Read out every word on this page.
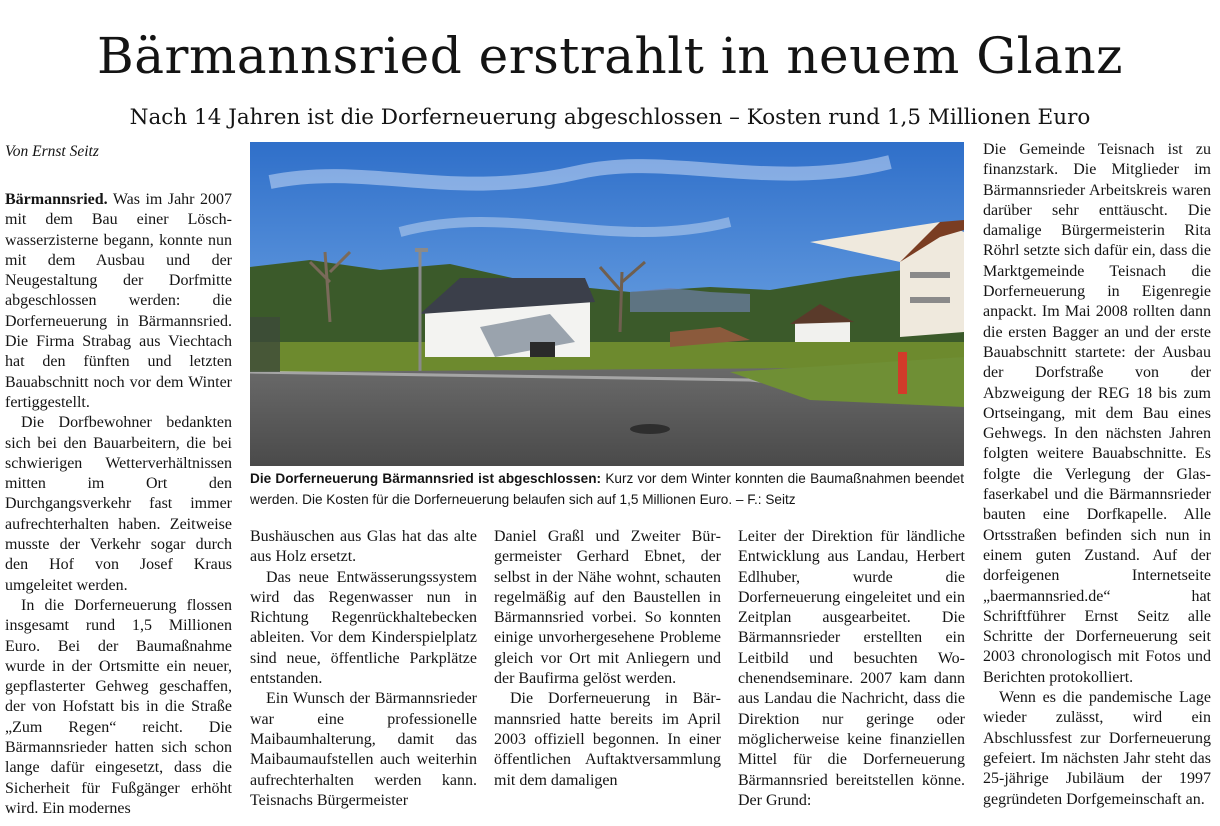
Bärmannsried erstrahlt in neuem Glanz
Nach 14 Jahren ist die Dorferneuerung abgeschlossen – Kosten rund 1,5 Millionen Euro
Von Ernst Seitz

Bärmannsried. Was im Jahr 2007 mit dem Bau einer Löschwasserzisterne begann, konnte nun mit dem Ausbau und der Neugestaltung der Dorfmitte abgeschlossen werden: die Dorferneuerung in Bärmannsried. Die Firma Strabag aus Viechtach hat den fünften und letzten Bauabschnitt noch vor dem Winter fertiggestellt.

Die Dorfbewohner bedankten sich bei den Bauarbeitern, die bei schwierigen Wetterverhältnissen mitten im Ort den Durchgangsverkehr fast immer aufrechterhalten haben. Zeitweise musste der Verkehr sogar durch den Hof von Josef Kraus umgeleitet werden.

In die Dorferneuerung flossen insgesamt rund 1,5 Millionen Euro. Bei der Baumaßnahme wurde in der Ortsmitte ein neuer, gepflasterter Gehweg geschaffen, der von Hofstatt bis in die Straße „Zum Regen“ reicht. Die Bärmannsrieder hatten sich schon lange dafür eingesetzt, dass die Sicherheit für Fußgänger erhöht wird. Ein modernes

Die Dorferneuerung Bärmannsried ist abgeschlossen: Kurz vor dem Winter konnten die Baumaßnahmen beendet werden. Die Kosten für die Dorferneuerung belaufen sich auf 1,5 Millionen Euro. – F.: Seitz

Bushäuschen aus Glas hat das alte aus Holz ersetzt.

Das neue Entwässerungssystem wird das Regenwasser nun in Richtung Regenrückhaltebecken ableiten. Vor dem Kinderspielplatz sind neue, öffentliche Parkplätze entstanden.

Ein Wunsch der Bärmannsrieder war eine professionelle Maibaumhalterung, damit das Maibaumaufstellen auch weiterhin aufrechterhalten werden kann. Teisnachs Bürgermeister

Daniel Graßl und Zweiter Bürgermeister Gerhard Ebnet, der selbst in der Nähe wohnt, schauten regelmäßig auf den Baustellen in Bärmannsried vorbei. So konnten einige unvorhergesehene Probleme gleich vor Ort mit Anliegern und der Baufirma gelöst werden.

Die Dorferneuerung in Bärmannsried hatte bereits im April 2003 offiziell begonnen. In einer öffentlichen Auftaktversammlung mit dem damaligen

Leiter der Direktion für ländliche Entwicklung aus Landau, Herbert Edlhuber, wurde die Dorferneuerung eingeleitet und ein Zeitplan ausgearbeitet. Die Bärmannsrieder erstellten ein Leitbild und besuchten Wochenendseminare. 2007 kam dann aus Landau die Nachricht, dass die Direktion nur geringe oder möglicherweise keine finanziellen Mittel für die Dorferneuerung Bärmannsried bereitstellen könne. Der Grund:

Die Gemeinde Teisnach ist zu finanzstark. Die Mitglieder im Bärmannsrieder Arbeitskreis waren darüber sehr enttäuscht. Die damalige Bürgermeisterin Rita Röhrl setzte sich dafür ein, dass die Marktgemeinde Teisnach die Dorferneuerung in Eigenregie anpackt. Im Mai 2008 rollten dann die ersten Bagger an und der erste Bauabschnitt startete: der Ausbau der Dorfstraße von der Abzweigung der REG 18 bis zum Ortseingang, mit dem Bau eines Gehwegs. In den nächsten Jahren folgten weitere Bauabschnitte. Es folgte die Verlegung der Glasfaserkabel und die Bärmannsrieder bauten eine Dorfkapelle. Alle Ortsstraßen befinden sich nun in einem guten Zustand. Auf der dorfeigenen Internetseite „baermannsried.de“ hat Schriftführer Ernst Seitz alle Schritte der Dorferneuerung seit 2003 chronologisch mit Fotos und Berichten protokolliert.

Wenn es die pandemische Lage wieder zulässt, wird ein Abschlussfest zur Dorferneuerung gefeiert. Im nächsten Jahr steht das 25-jährige Jubiläum der 1997 gegründeten Dorfgemeinschaft an.
